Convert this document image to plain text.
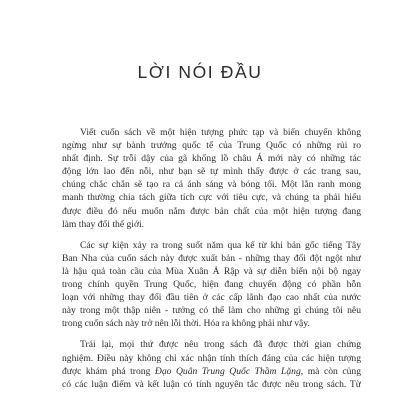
LỜI NÓI ĐẦU
Viết cuốn sách về một hiện tượng phức tạp và biến chuyển không
ngừng như sự bành trướng quốc tế của Trung Quốc có những rủi ro
nhất định. Sự trỗi dậy của gã khổng lồ châu Á mới này có những tác
động lớn lao đến nỗi, như bạn sẽ tự mình thấy được ở các trang sau,
chúng chắc chắn sẽ tạo ra cả ánh sáng và bóng tối. Một lằn ranh mong
manh thường chia tách giữa tích cực với tiêu cực, và chúng ta phải hiểu
được điều đó nếu muốn nắm được bản chất của một hiện tượng đang
làm thay đổi thế giới.
Các sự kiện xảy ra trong suốt năm qua kể từ khi bản gốc tiếng Tây
Ban Nha của cuốn sách này được xuất bản - những thay đổi đột ngột như
là hậu quả toàn cầu của Mùa Xuân Ả Rập và sự diễn biến nội bộ ngay
trong chính quyền Trung Quốc, hiện đang chuyển động có phần hỗn
loạn với những thay đổi đầu tiên ở các cấp lãnh đạo cao nhất của nước
này trong một thập niên - tưởng có thể làm cho những gì chúng tôi nêu
trong cuốn sách này trở nên lỗi thời. Hóa ra không phải như vậy.
Trái lại, mọi thứ được nêu trong sách đã được thời gian chứng
nghiệm. Điều này không chỉ xác nhận tính thích đáng của các hiện tượng
được khám phá trong Đạo Quân Trung Quốc Thầm Lặng, mà còn củng
có các luận điểm và kết luận có tính nguyên tắc được nêu trong sách. Từ
